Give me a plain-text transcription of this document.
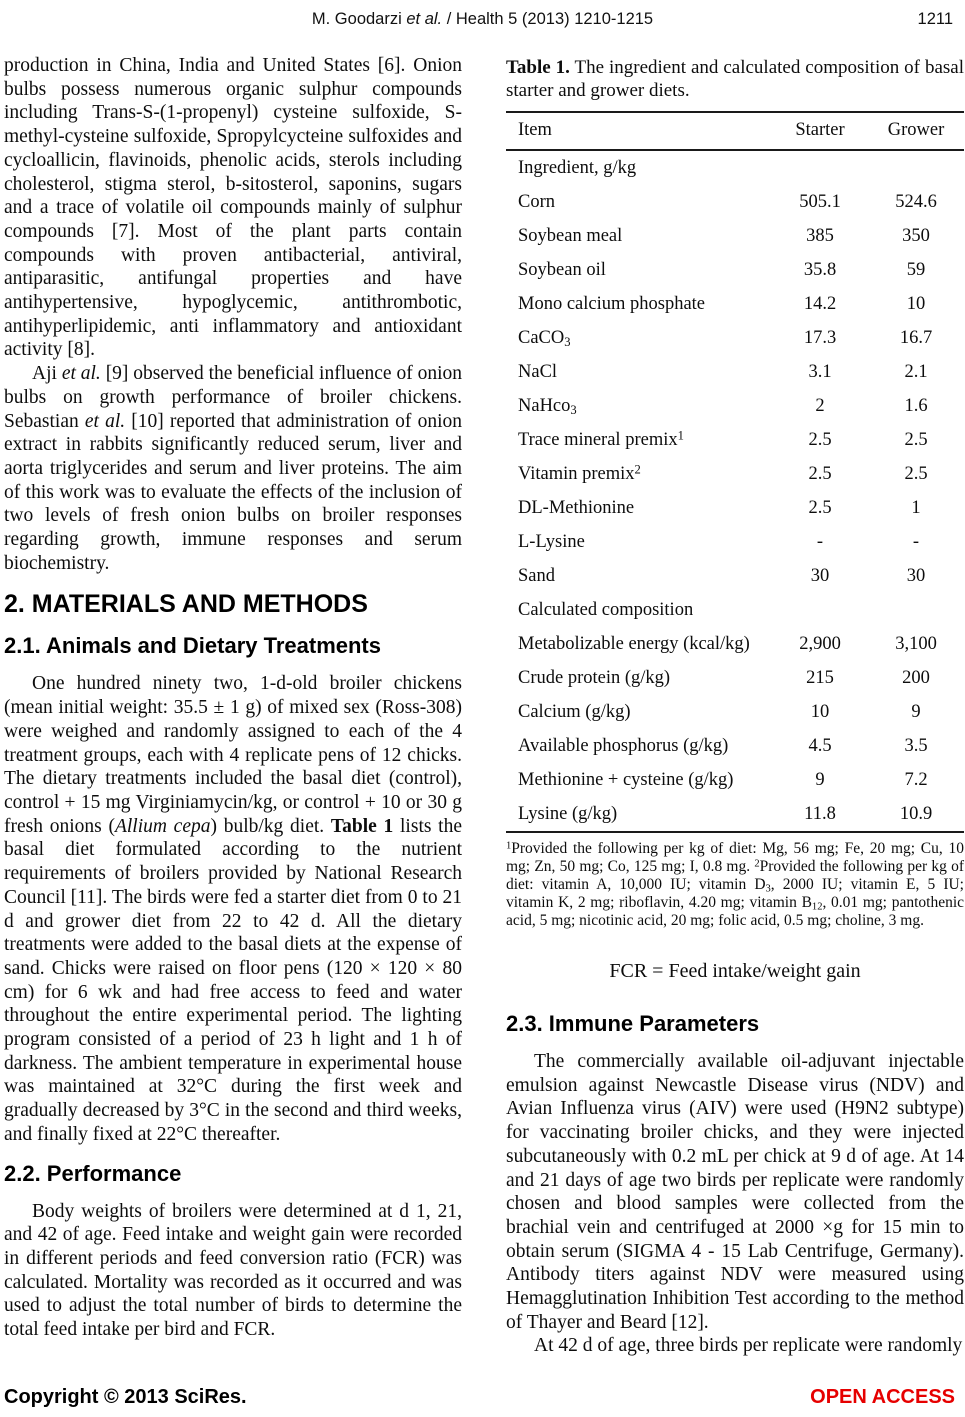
M. Goodarzi et al. / Health 5 (2013) 1210-1215	1211

production in China, India and United States [6]. Onion bulbs possess numerous organic sulphur compounds including Trans-S-(1-propenyl) cysteine sulfoxide, S-methyl-cysteine sulfoxide, Spropylcycteine sulfoxides and cycloallicin, flavinoids, phenolic acids, sterols including cholesterol, stigma sterol, b-sitosterol, saponins, sugars and a trace of volatile oil compounds mainly of sulphur compounds [7]. Most of the plant parts contain compounds with proven antibacterial, antiviral, antiparasitic, antifungal properties and have antihypertensive, hypoglycemic, antithrombotic, antihyperlipidemic, anti inflammatory and antioxidant activity [8].

Aji et al. [9] observed the beneficial influence of onion bulbs on growth performance of broiler chickens. Sebastian et al. [10] reported that administration of onion extract in rabbits significantly reduced serum, liver and aorta triglycerides and serum and liver proteins. The aim of this work was to evaluate the effects of the inclusion of two levels of fresh onion bulbs on broiler responses regarding growth, immune responses and serum biochemistry.

2. MATERIALS AND METHODS
2.1. Animals and Dietary Treatments

One hundred ninety two, 1-d-old broiler chickens (mean initial weight: 35.5 ± 1 g) of mixed sex (Ross-308) were weighed and randomly assigned to each of the 4 treatment groups, each with 4 replicate pens of 12 chicks. The dietary treatments included the basal diet (control), control + 15 mg Virginiamycin/kg, or control + 10 or 30 g fresh onions (Allium cepa) bulb/kg diet. Table 1 lists the basal diet formulated according to the nutrient requirements of broilers provided by National Research Council [11]. The birds were fed a starter diet from 0 to 21 d and grower diet from 22 to 42 d. All the dietary treatments were added to the basal diets at the expense of sand. Chicks were raised on floor pens (120 × 120 × 80 cm) for 6 wk and had free access to feed and water throughout the entire experimental period. The lighting program consisted of a period of 23 h light and 1 h of darkness. The ambient temperature in experimental house was maintained at 32°C during the first week and gradually decreased by 3°C in the second and third weeks, and finally fixed at 22°C thereafter.

2.2. Performance

Body weights of broilers were determined at d 1, 21, and 42 of age. Feed intake and weight gain were recorded in different periods and feed conversion ratio (FCR) was calculated. Mortality was recorded as it occurred and was used to adjust the total number of birds to determine the total feed intake per bird and FCR.

Table 1. The ingredient and calculated composition of basal starter and grower diets.

Item	Starter	Grower
Ingredient, g/kg		
Corn	505.1	524.6
Soybean meal	385	350
Soybean oil	35.8	59
Mono calcium phosphate	14.2	10
CaCO3	17.3	16.7
NaCl	3.1	2.1
NaHco3	2	1.6
Trace mineral premix$^1$	2.5	2.5
Vitamin premix$^2$	2.5	2.5
DL-Methionine	2.5	1
L-Lysine	-	-
Sand	30	30
Calculated composition		
Metabolizable energy (kcal/kg)	2,900	3,100
Crude protein (g/kg)	215	200
Calcium (g/kg)	10	9
Available phosphorus (g/kg)	4.5	3.5
Methionine + cysteine (g/kg)	9	7.2
Lysine (g/kg)	11.8	10.9

$^1$Provided the following per kg of diet: Mg, 56 mg; Fe, 20 mg; Cu, 10 mg; Zn, 50 mg; Co, 125 mg; I, 0.8 mg. $^2$Provided the following per kg of diet: vitamin A, 10,000 IU; vitamin D3, 2000 IU; vitamin E, 5 IU; vitamin K, 2 mg; riboflavin, 4.20 mg; vitamin B12, 0.01 mg; pantothenic acid, 5 mg; nicotinic acid, 20 mg; folic acid, 0.5 mg; choline, 3 mg.

FCR = Feed intake/weight gain

2.3. Immune Parameters

The commercially available oil-adjuvant injectable emulsion against Newcastle Disease virus (NDV) and Avian Influenza virus (AIV) were used (H9N2 subtype) for vaccinating broiler chicks, and they were injected subcutaneously with 0.2 mL per chick at 9 d of age. At 14 and 21 days of age two birds per replicate were randomly chosen and blood samples were collected from the brachial vein and centrifuged at 2000 ×g for 15 min to obtain serum (SIGMA 4 - 15 Lab Centrifuge, Germany). Antibody titers against NDV were measured using Hemagglutination Inhibition Test according to the method of Thayer and Beard [12].

At 42 d of age, three birds per replicate were randomly

Copyright © 2013 SciRes.	OPEN ACCESS
